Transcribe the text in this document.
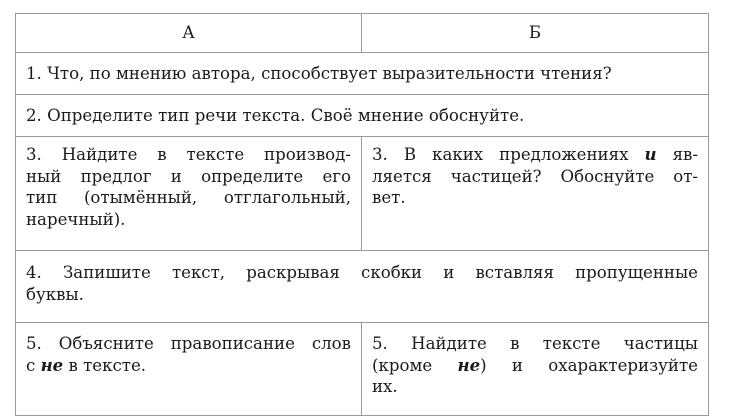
А	Б
1. Что, по мнению автора, способствует выразительности чтения?	
2. Определите тип речи текста. Своё мнение обоснуйте.	

3. Найдите в тексте производ-
ный предлог и определите его
тип (отымённый, отглагольный,
наречный).	3. В каких предложениях и яв-
ляется частицей? Обоснуйте от-
вет.

4. Запишите текст, раскрывая скобки и вставляя пропущенные
буквы.	

5. Объясните правописание слов
с не в тексте.	5. Найдите в тексте частицы
(кроме не) и охарактеризуйте
их.
